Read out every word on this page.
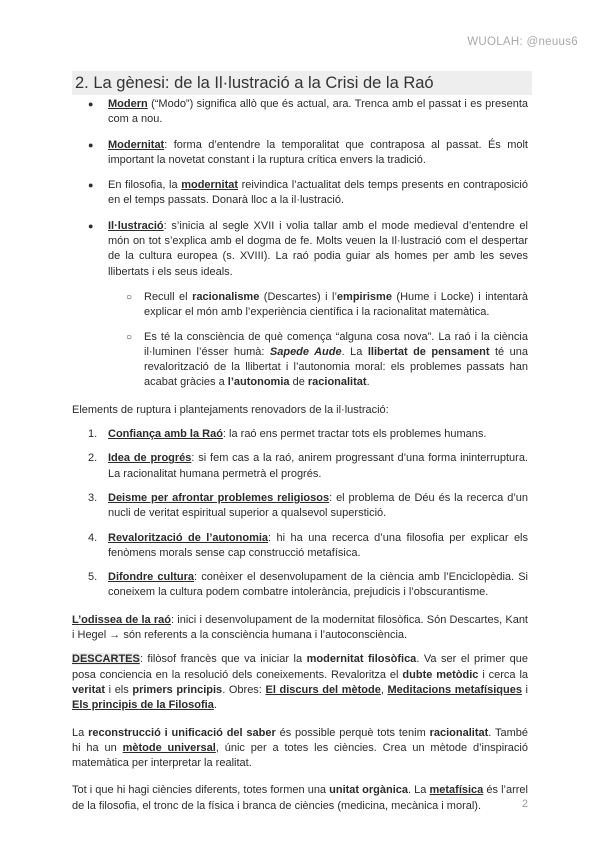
WUOLAH: @neuus6
2. La gènesi: de la Il·lustració a la Crisi de la Raó
● Modern (“Modo”) significa allò que és actual, ara. Trenca amb el passat i es presenta com a nou.
● Modernitat: forma d’entendre la temporalitat que contraposa al passat. És molt important la novetat constant i la ruptura crítica envers la tradició.
● En filosofia, la modernitat reivindica l’actualitat dels temps presents en contraposició en el temps passats. Donarà lloc a la il·lustració.
● Il·lustració: s’inicia al segle XVII i volia tallar amb el mode medieval d’entendre el món on tot s’explica amb el dogma de fe. Molts veuen la Il·lustració com el despertar de la cultura europea (s. XVIII). La raó podia guiar als homes per amb les seves llibertats i els seus ideals.
○ Recull el racionalisme (Descartes) i l’empirisme (Hume i Locke) i intentarà explicar el món amb l’experiència científica i la racionalitat matemàtica.
○ Es té la consciència de què comença “alguna cosa nova”. La raó i la ciència il·luminen l’ésser humà: Sapede Aude. La llibertat de pensament té una revalorització de la llibertat i l’autonomia moral: els problemes passats han acabat gràcies a l’autonomia de racionalitat.

Elements de ruptura i plantejaments renovadors de la il·lustració:

1. Confiança amb la Raó: la raó ens permet tractar tots els problemes humans.
2. Idea de progrés: si fem cas a la raó, anirem progressant d’una forma ininterruptura. La racionalitat humana permetrà el progrés.
3. Deisme per afrontar problemes religiosos: el problema de Déu és la recerca d’un nucli de veritat espiritual superior a qualsevol superstició.
4. Revalorització de l’autonomia: hi ha una recerca d’una filosofia per explicar els fenòmens morals sense cap construcció metafísica.
5. Difondre cultura: conèixer el desenvolupament de la ciència amb l’Enciclopèdia. Si coneixem la cultura podem combatre intolerància, prejudicis i l’obscurantisme.

L’odissea de la raó: inici i desenvolupament de la modernitat filosòfica. Són Descartes, Kant i Hegel → són referents a la consciència humana i l’autoconsciència.

DESCARTES: filòsof francès que va iniciar la modernitat filosòfica. Va ser el primer que posa conciencia en la resolució dels coneixements. Revaloritza el dubte metòdic i cerca la veritat i els primers principis. Obres: El discurs del mètode, Meditacions metafísiques i Els principis de la Filosofia.

La reconstrucció i unificació del saber és possible perquè tots tenim racionalitat. També hi ha un mètode universal, únic per a totes les ciències. Crea un mètode d’inspiració matemàtica per interpretar la realitat.

Tot i que hi hagi ciències diferents, totes formen una unitat orgànica. La metafísica és l’arrel de la filosofia, el tronc de la física i branca de ciències (medicina, mecànica i moral).	2
